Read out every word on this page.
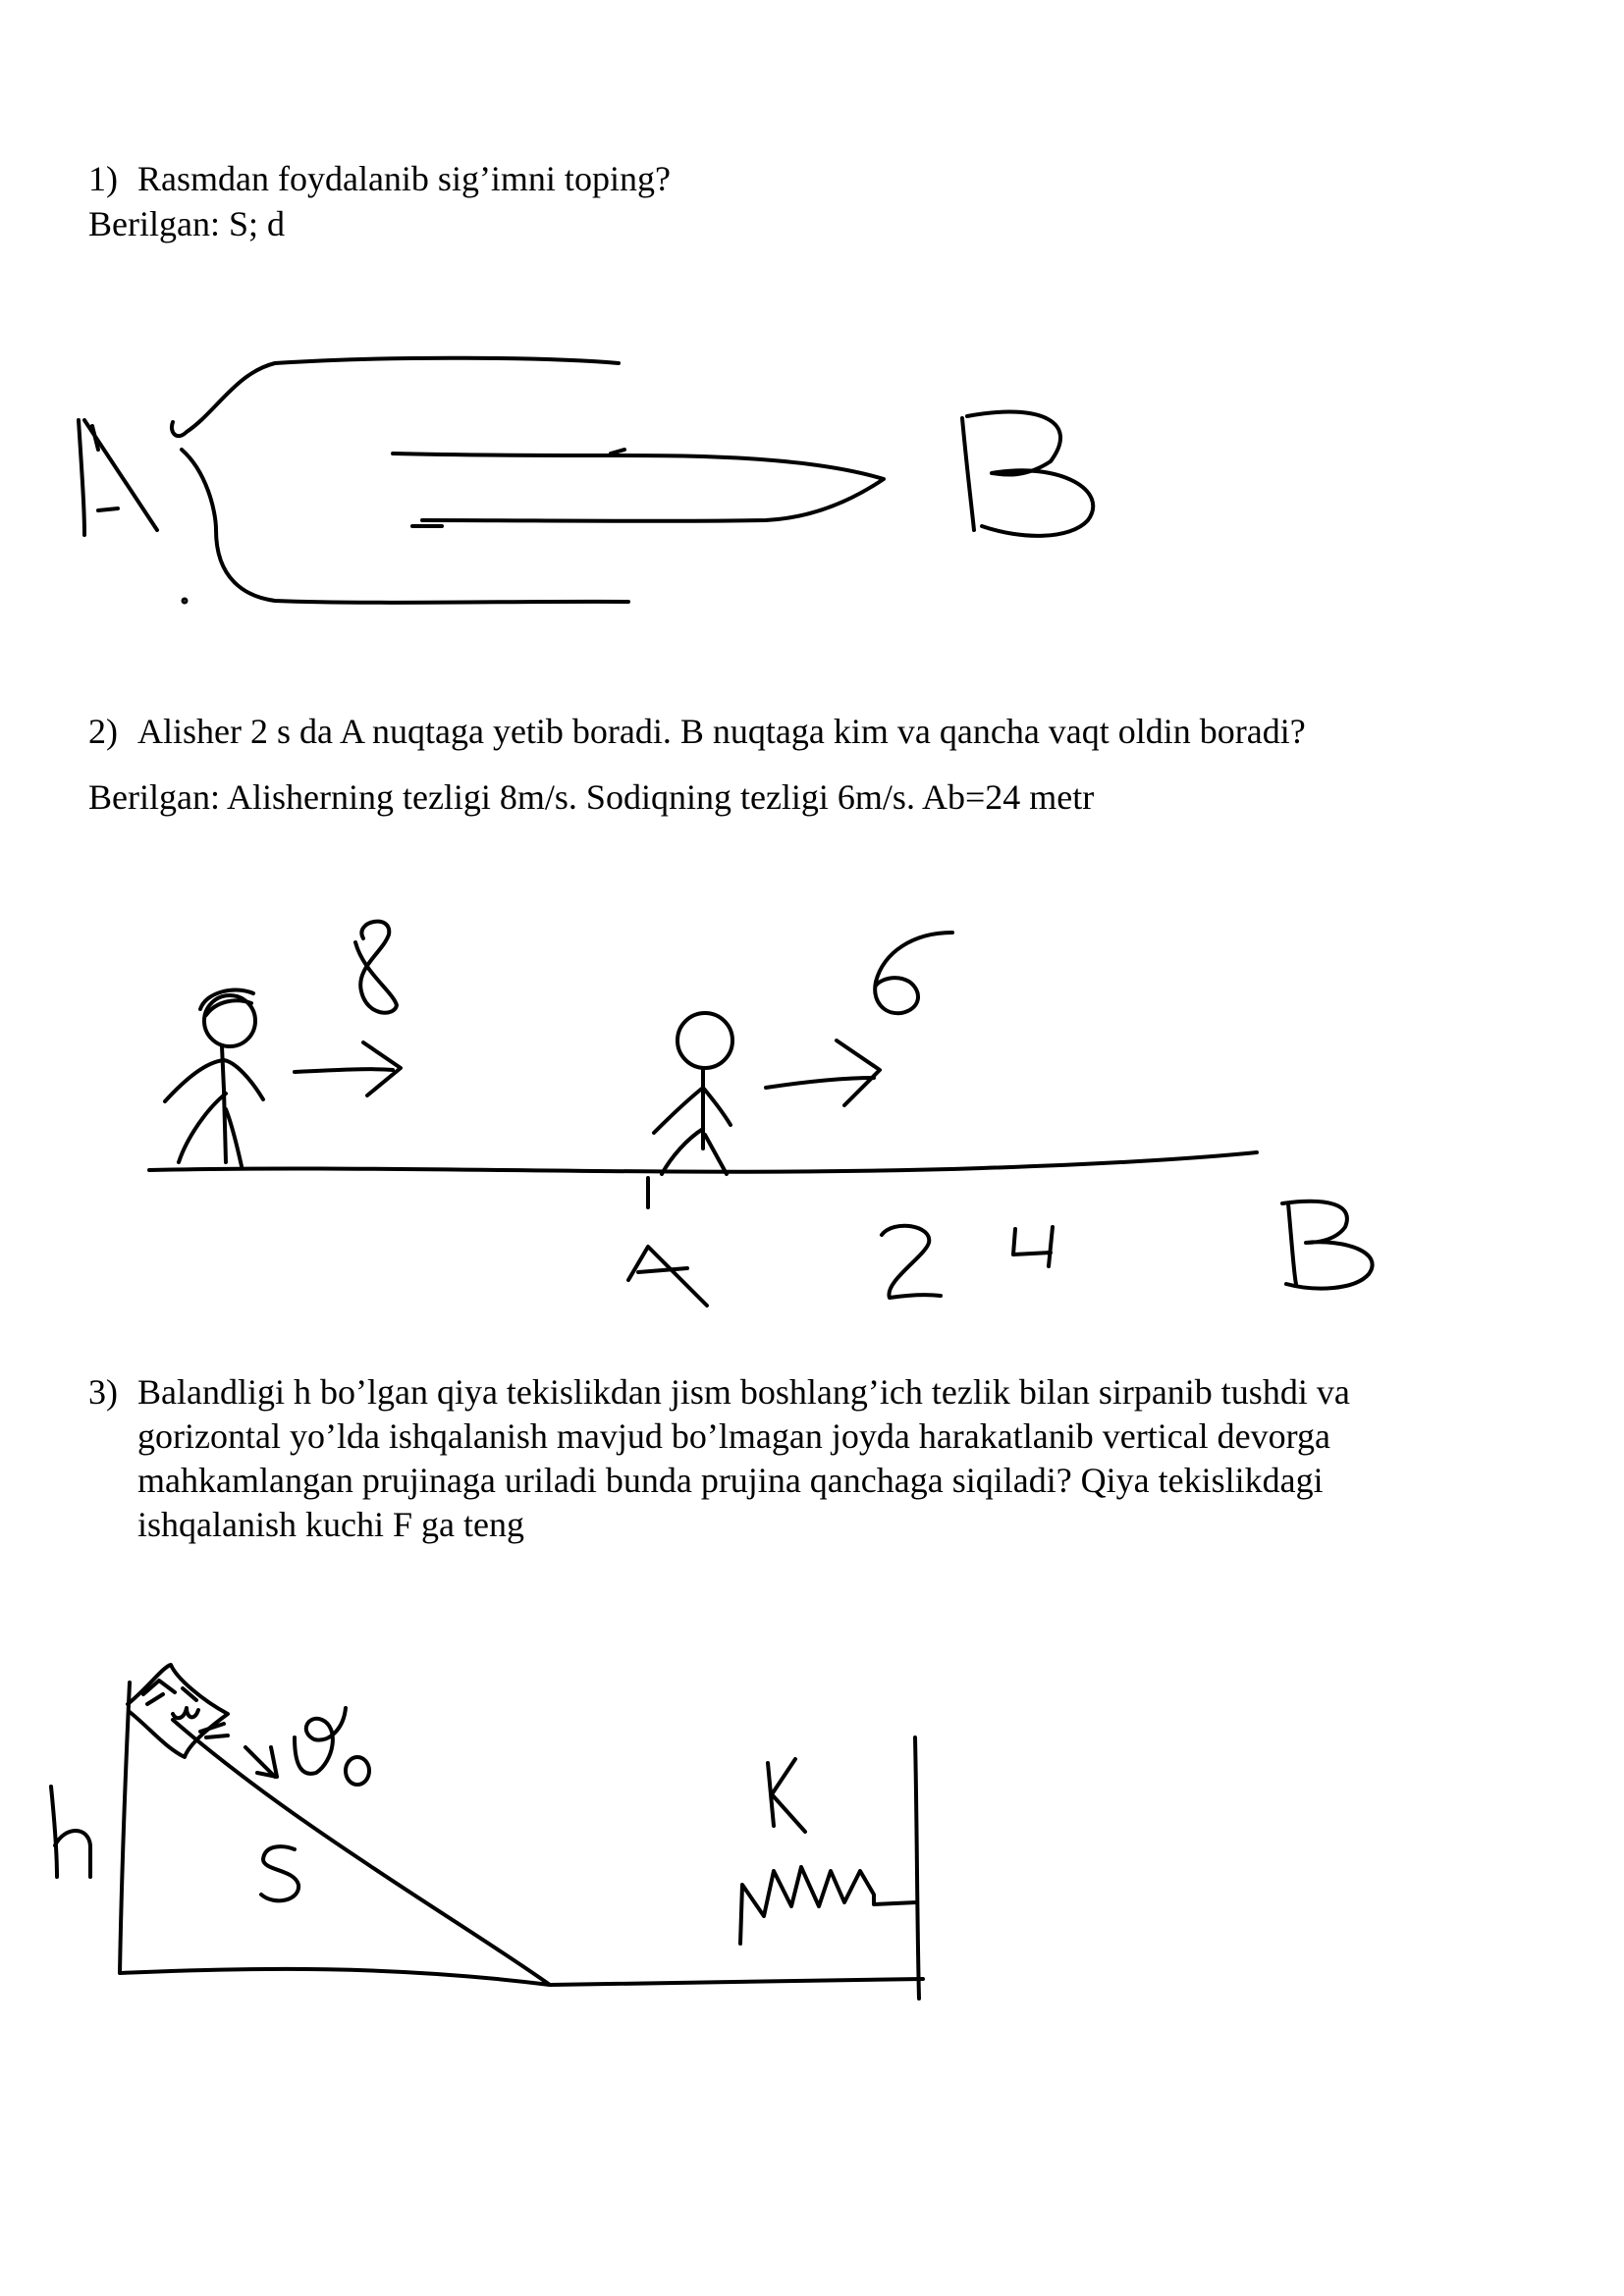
1) Rasmdan foydalanib sig’imni toping?
Berilgan: S; d
2) Alisher 2 s da A nuqtaga yetib boradi. B nuqtaga kim va qancha vaqt oldin boradi?
Berilgan: Alisherning tezligi 8m/s. Sodiqning tezligi 6m/s. Ab=24 metr
3) Balandligi h bo’lgan qiya tekislikdan jism boshlang’ich tezlik bilan sirpanib tushdi va
gorizontal yo’lda ishqalanish mavjud bo’lmagan joyda harakatlanib vertical devorga
mahkamlangan prujinaga uriladi bunda prujina qanchaga siqiladi? Qiya tekislikdagi
ishqalanish kuchi F ga teng
